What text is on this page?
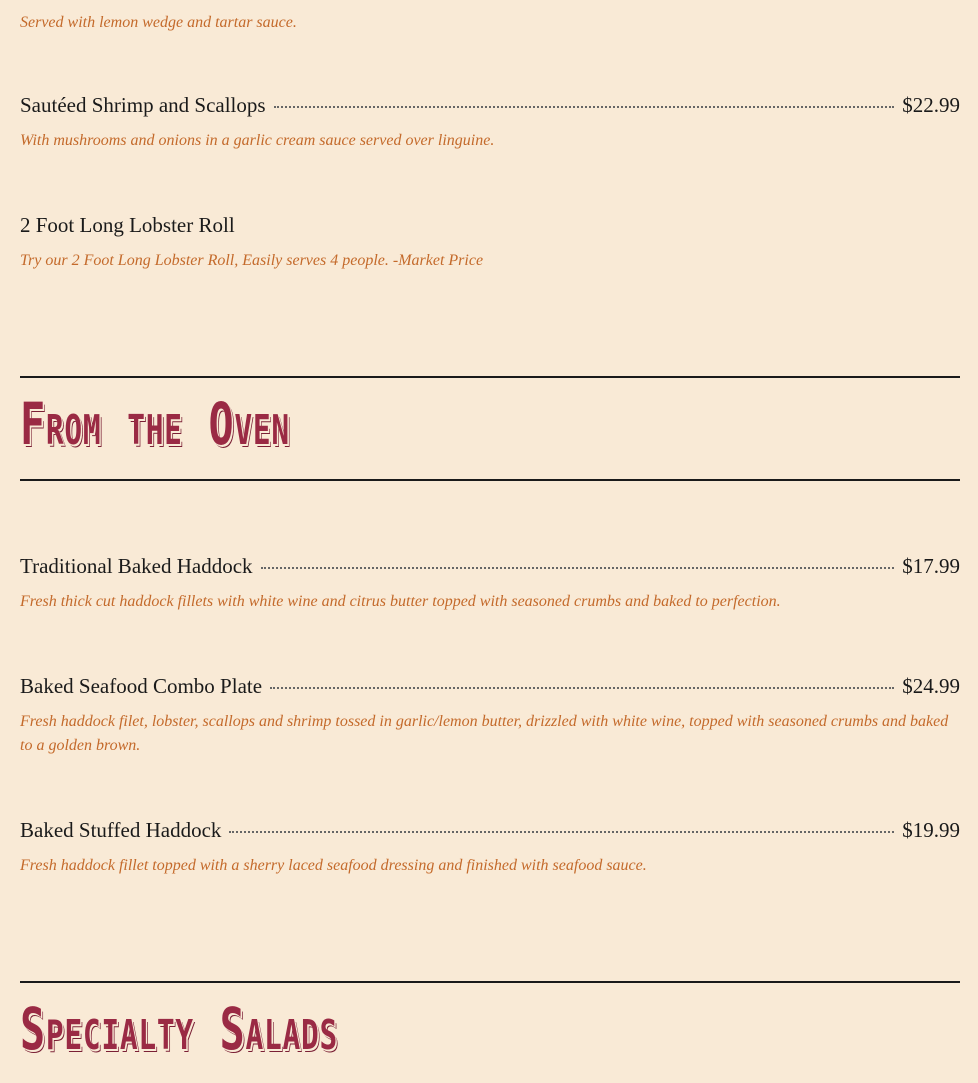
Served with lemon wedge and tartar sauce.
Sautéed Shrimp and Scallops	$22.99
With mushrooms and onions in a garlic cream sauce served over linguine.
2 Foot Long Lobster Roll
Try our 2 Foot Long Lobster Roll, Easily serves 4 people. -Market Price
From the Oven
Traditional Baked Haddock	$17.99
Fresh thick cut haddock fillets with white wine and citrus butter topped with seasoned crumbs and baked to perfection.
Baked Seafood Combo Plate	$24.99
Fresh haddock filet, lobster, scallops and shrimp tossed in garlic/lemon butter, drizzled with white wine, topped with seasoned crumbs and baked to a golden brown.
Baked Stuffed Haddock	$19.99
Fresh haddock fillet topped with a sherry laced seafood dressing and finished with seafood sauce.
Specialty Salads
